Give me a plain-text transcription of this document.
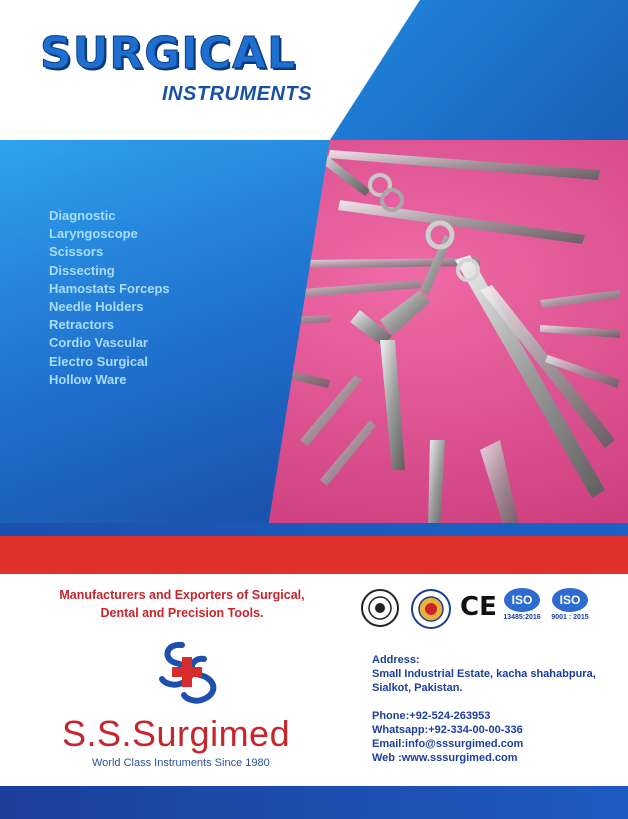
SURGICAL
INSTRUMENTS
Diagnostic
Laryngoscope
Scissors
Dissecting
Hamostats Forceps
Needle Holders
Retractors
Cordio Vascular
Electro Surgical
Hollow Ware
Manufacturers and Exporters of Surgical,
Dental and Precision Tools.
S.S.Surgimed
World Class Instruments Since 1980
CE	ISO
13485:2016
ISO
9001 : 2015
Address:
Small Industrial Estate, kacha shahabpura,
Sialkot, Pakistan.
Phone:+92-524-263953
Whatsapp:+92-334-00-00-336
Email:info@sssurgimed.com
Web :www.sssurgimed.com
